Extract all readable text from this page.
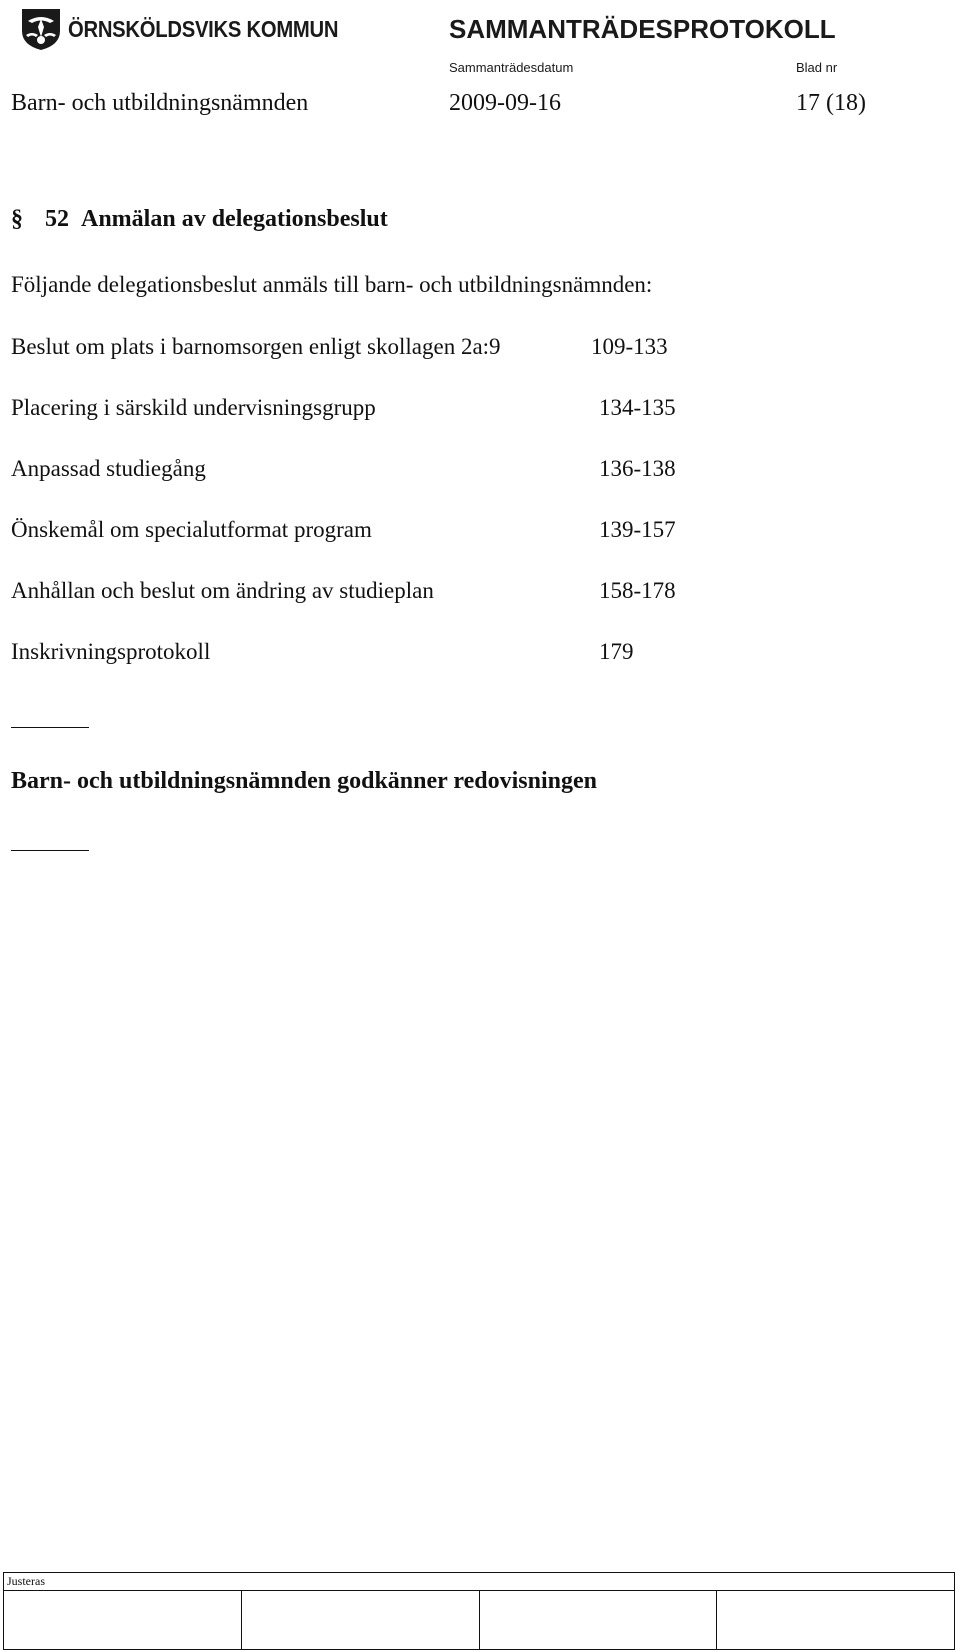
ÖRNSKÖLDSVIKS KOMMUN	SAMMANTRÄDESPROTOKOLL
Sammanträdesdatum	Blad nr
Barn- och utbildningsnämnden	2009-09-16	17 (18)
§ 52 Anmälan av delegationsbeslut
Följande delegationsbeslut anmäls till barn- och utbildningsnämnden:
Beslut om plats i barnomsorgen enligt skollagen 2a:9	109-133
Placering i särskild undervisningsgrupp	134-135
Anpassad studiegång	136-138
Önskemål om specialutformat program	139-157
Anhållan och beslut om ändring av studieplan	158-178
Inskrivningsprotokoll	179
Barn- och utbildningsnämnden godkänner redovisningen
Justeras
